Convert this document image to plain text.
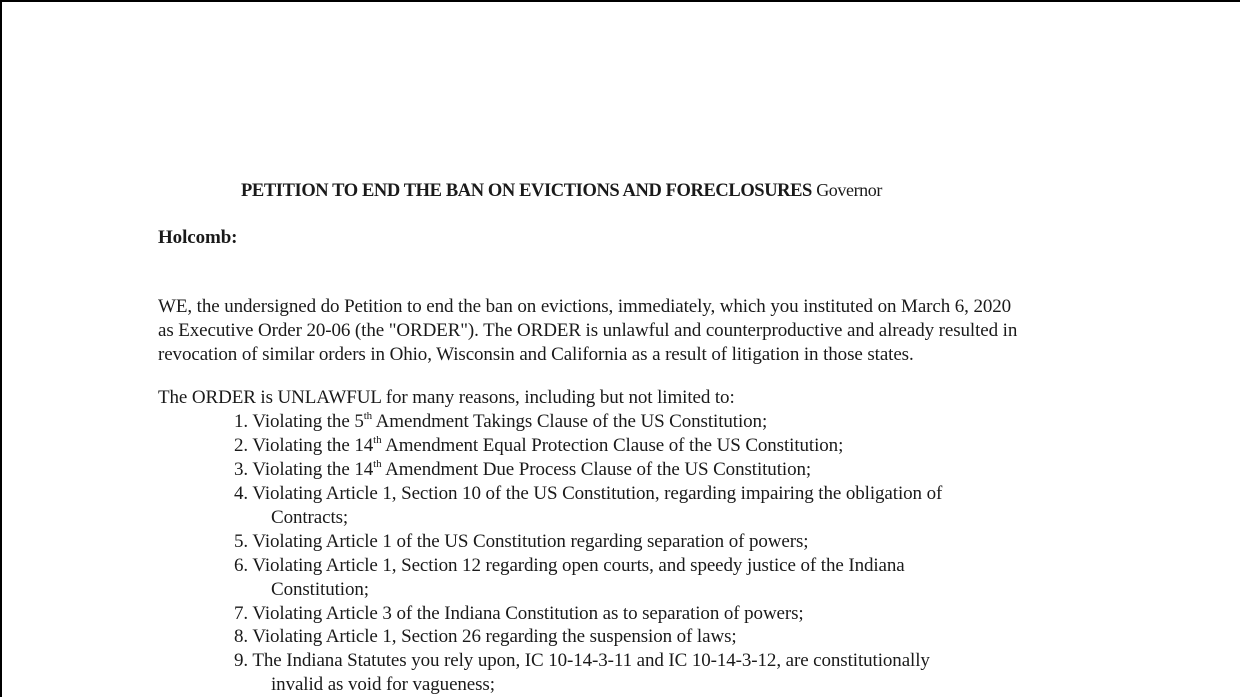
PETITION TO END THE BAN ON EVICTIONS AND FORECLOSURES Governor
Holcomb:
WE, the undersigned do Petition to end the ban on evictions, immediately, which you instituted on March 6, 2020
as Executive Order 20-06 (the "ORDER"). The ORDER is unlawful and counterproductive and already resulted in
revocation of similar orders in Ohio, Wisconsin and California as a result of litigation in those states.
The ORDER is UNLAWFUL for many reasons, including but not limited to:
1. Violating the 5th Amendment Takings Clause of the US Constitution;
2. Violating the 14th Amendment Equal Protection Clause of the US Constitution;
3. Violating the 14th Amendment Due Process Clause of the US Constitution;
4. Violating Article 1, Section 10 of the US Constitution, regarding impairing the obligation of
Contracts;
5. Violating Article 1 of the US Constitution regarding separation of powers;
6. Violating Article 1, Section 12 regarding open courts, and speedy justice of the Indiana
Constitution;
7. Violating Article 3 of the Indiana Constitution as to separation of powers;
8. Violating Article 1, Section 26 regarding the suspension of laws;
9. The Indiana Statutes you rely upon, IC 10-14-3-11 and IC 10-14-3-12, are constitutionally
invalid as void for vagueness;
